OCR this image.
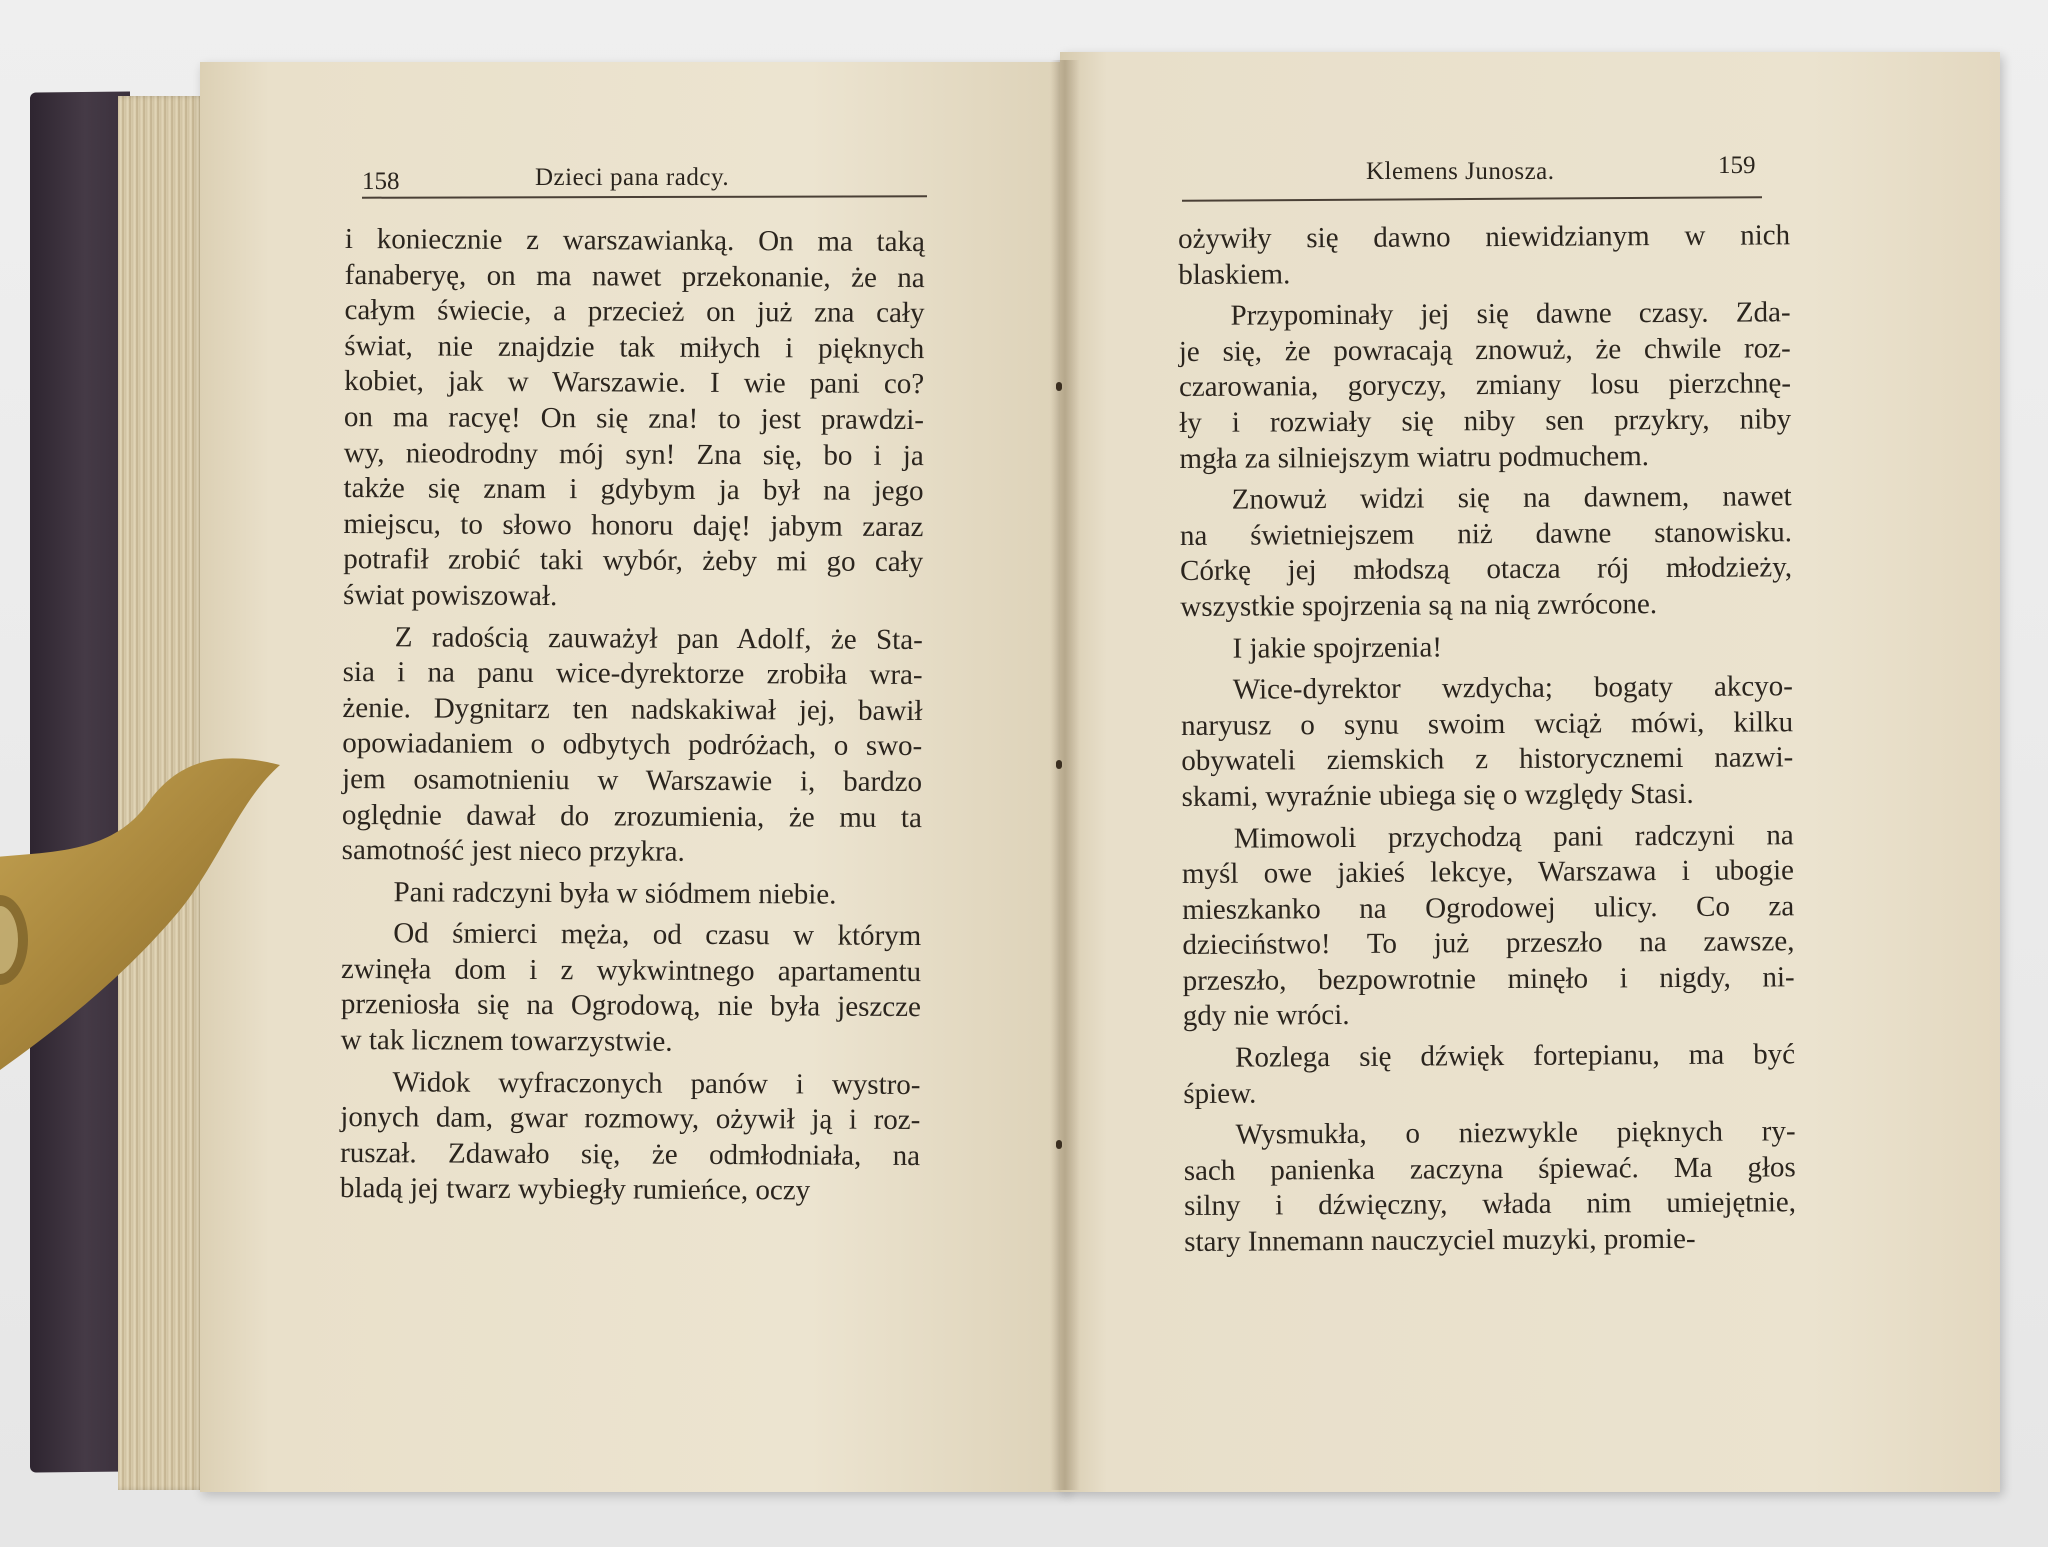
158	Dzieci pana radcy.	Klemens Junosza.	159
i koniecznie z warszawianką. On ma taką
fanaberyę, on ma nawet przekonanie, że na
całym świecie, a przecież on już zna cały
świat, nie znajdzie tak miłych i pięknych
kobiet, jak w Warszawie. I wie pani co?
on ma racyę! On się zna! to jest prawdzi-
wy, nieodrodny mój syn! Zna się, bo i ja
także się znam i gdybym ja był na jego
miejscu, to słowo honoru daję! jabym zaraz
potrafił zrobić taki wybór, żeby mi go cały
świat powiszował.
Z radością zauważył pan Adolf, że Sta-
sia i na panu wice-dyrektorze zrobiła wra-
żenie. Dygnitarz ten nadskakiwał jej, bawił
opowiadaniem o odbytych podróżach, o swo-
jem osamotnieniu w Warszawie i, bardzo
oględnie dawał do zrozumienia, że mu ta
samotność jest nieco przykra.
Pani radczyni była w siódmem niebie.
Od śmierci męża, od czasu w którym
zwinęła dom i z wykwintnego apartamentu
przeniosła się na Ogrodową, nie była jeszcze
w tak licznem towarzystwie.
Widok wyfraczonych panów i wystro-
jonych dam, gwar rozmowy, ożywił ją i roz-
ruszał. Zdawało się, że odmłodniała, na
bladą jej twarz wybiegły rumieńce, oczy
ożywiły się dawno niewidzianym w nich
blaskiem.
Przypominały jej się dawne czasy. Zda-
je się, że powracają znowuż, że chwile roz-
czarowania, goryczy, zmiany losu pierzchnę-
ły i rozwiały się niby sen przykry, niby
mgła za silniejszym wiatru podmuchem.
Znowuż widzi się na dawnem, nawet
na świetniejszem niż dawne stanowisku.
Córkę jej młodszą otacza rój młodzieży,
wszystkie spojrzenia są na nią zwrócone.
I jakie spojrzenia!
Wice-dyrektor wzdycha; bogaty akcyo-
naryusz o synu swoim wciąż mówi, kilku
obywateli ziemskich z historycznemi nazwi-
skami, wyraźnie ubiega się o względy Stasi.
Mimowoli przychodzą pani radczyni na
myśl owe jakieś lekcye, Warszawa i ubogie
mieszkanko na Ogrodowej ulicy. Co za
dzieciństwo! To już przeszło na zawsze,
przeszło, bezpowrotnie minęło i nigdy, ni-
gdy nie wróci.
Rozlega się dźwięk fortepianu, ma być
śpiew.
Wysmukła, o niezwykle pięknych ry-
sach panienka zaczyna śpiewać. Ma głos
silny i dźwięczny, włada nim umiejętnie,
stary Innemann nauczyciel muzyki, promie-
